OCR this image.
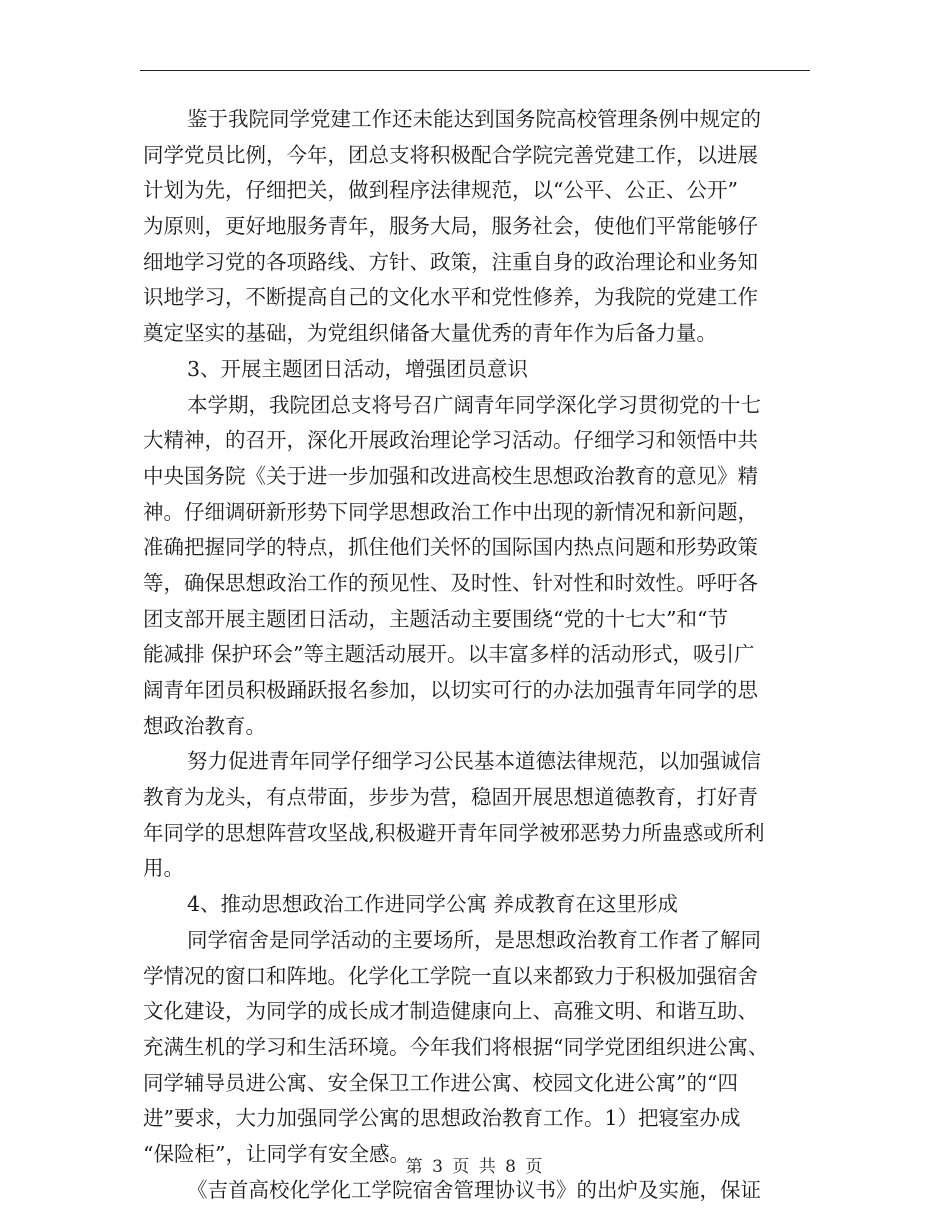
鉴于我院同学党建工作还未能达到国务院高校管理条例中规定的
同学党员比例，今年，团总支将积极配合学院完善党建工作，以进展
计划为先，仔细把关，做到程序法律规范，以“公平、公正、公开”
为原则，更好地服务青年，服务大局，服务社会，使他们平常能够仔
细地学习党的各项路线、方针、政策，注重自身的政治理论和业务知
识地学习，不断提高自己的文化水平和党性修养，为我院的党建工作
奠定坚实的基础，为党组织储备大量优秀的青年作为后备力量。
3、开展主题团日活动，增强团员意识
本学期，我院团总支将号召广阔青年同学深化学习贯彻党的十七
大精神，的召开，深化开展政治理论学习活动。仔细学习和领悟中共
中央国务院《关于进一步加强和改进高校生思想政治教育的意见》精
神。仔细调研新形势下同学思想政治工作中出现的新情况和新问题，
准确把握同学的特点，抓住他们关怀的国际国内热点问题和形势政策
等，确保思想政治工作的预见性、及时性、针对性和时效性。呼吁各
团支部开展主题团日活动，主题活动主要围绕“党的十七大”和“节
能减排 保护环会”等主题活动展开。以丰富多样的活动形式，吸引广
阔青年团员积极踊跃报名参加，以切实可行的办法加强青年同学的思
想政治教育。
努力促进青年同学仔细学习公民基本道德法律规范，以加强诚信
教育为龙头，有点带面，步步为营，稳固开展思想道德教育，打好青
年同学的思想阵营攻坚战,积极避开青年同学被邪恶势力所蛊惑或所利
用。
4、推动思想政治工作进同学公寓 养成教育在这里形成
同学宿舍是同学活动的主要场所，是思想政治教育工作者了解同
学情况的窗口和阵地。化学化工学院一直以来都致力于积极加强宿舍
文化建设，为同学的成长成才制造健康向上、高雅文明、和谐互助、
充满生机的学习和生活环境。今年我们将根据“同学党团组织进公寓、
同学辅导员进公寓、安全保卫工作进公寓、校园文化进公寓”的“四
进”要求，大力加强同学公寓的思想政治教育工作。1）把寝室办成
“保险柜”，让同学有安全感。
《吉首高校化学化工学院宿舍管理协议书》的出炉及实施，保证
第 3 页 共 8 页
